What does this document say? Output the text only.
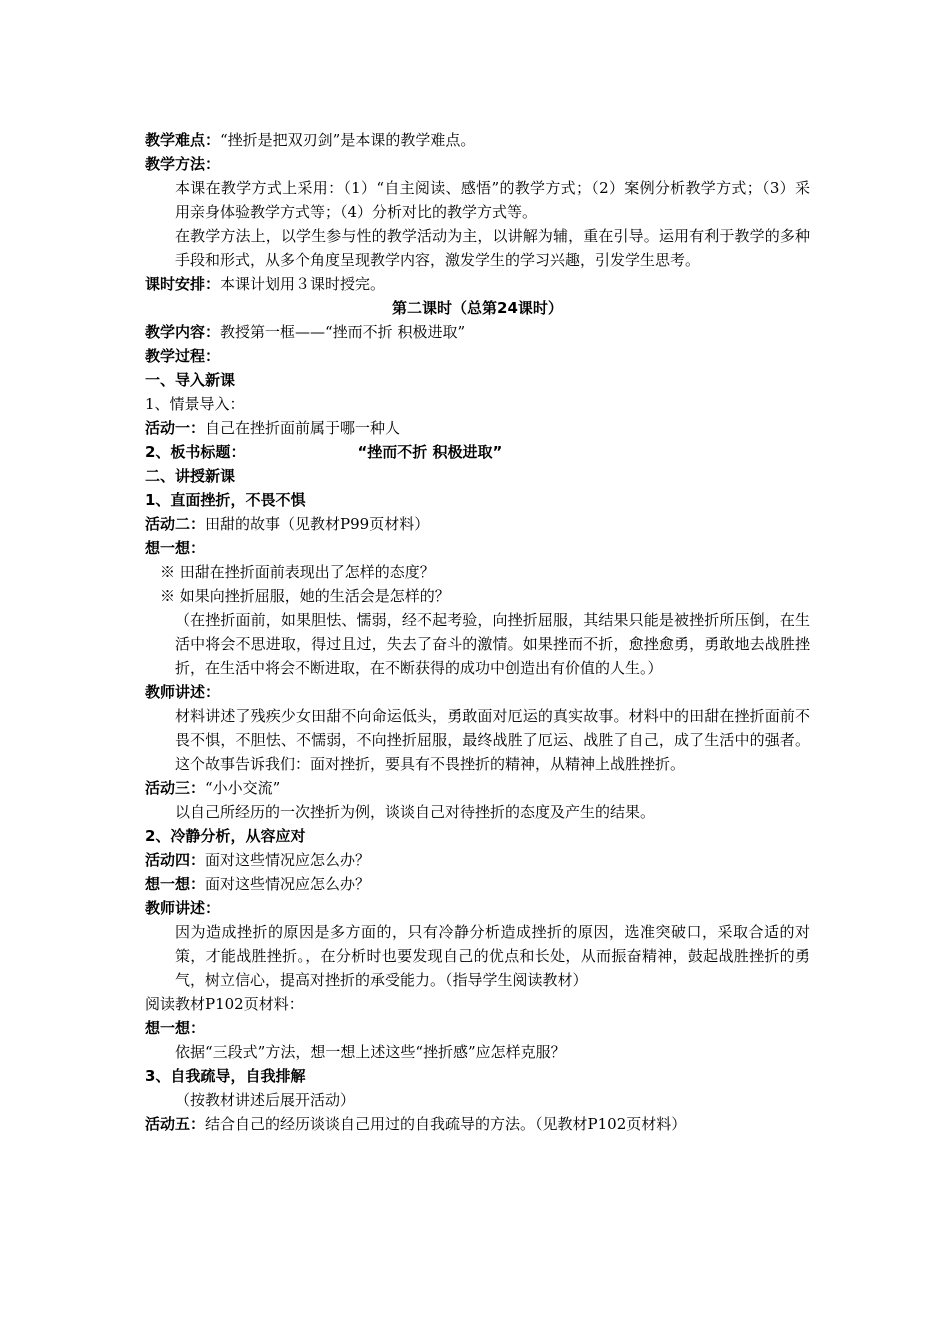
教学难点：“挫折是把双刃剑”是本课的教学难点。
教学方法：
本课在教学方式上采用：（1）“自主阅读、感悟”的教学方式；（2）案例分析教学方式；（3）采用亲身体验教学方式等；（4）分析对比的教学方式等。
在教学方法上，以学生参与性的教学活动为主，以讲解为辅，重在引导。运用有利于教学的多种手段和形式，从多个角度呈现教学内容，激发学生的学习兴趣，引发学生思考。
课时安排：本课计划用３课时授完。
第二课时（总第24课时）
教学内容：教授第一框——“挫而不折 积极进取”
教学过程：
一、导入新课
1、情景导入：
活动一：自己在挫折面前属于哪一种人
2、板书标题：	“挫而不折 积极进取”
二、讲授新课
1、直面挫折，不畏不惧
活动二：田甜的故事（见教材P99页材料）
想一想：
※ 田甜在挫折面前表现出了怎样的态度？
※ 如果向挫折屈服，她的生活会是怎样的？
（在挫折面前，如果胆怯、懦弱，经不起考验，向挫折屈服，其结果只能是被挫折所压倒，在生活中将会不思进取，得过且过，失去了奋斗的激情。如果挫而不折，愈挫愈勇，勇敢地去战胜挫折，在生活中将会不断进取，在不断获得的成功中创造出有价值的人生。）
教师讲述：
材料讲述了残疾少女田甜不向命运低头，勇敢面对厄运的真实故事。材料中的田甜在挫折面前不畏不惧，不胆怯、不懦弱，不向挫折屈服，最终战胜了厄运、战胜了自己，成了生活中的强者。这个故事告诉我们：面对挫折，要具有不畏挫折的精神，从精神上战胜挫折。
活动三：“小小交流”
以自己所经历的一次挫折为例，谈谈自己对待挫折的态度及产生的结果。
2、冷静分析，从容应对
活动四：面对这些情况应怎么办？
想一想：面对这些情况应怎么办？
教师讲述：
因为造成挫折的原因是多方面的，只有冷静分析造成挫折的原因，选准突破口，采取合适的对策，才能战胜挫折。，在分析时也要发现自己的优点和长处，从而振奋精神，鼓起战胜挫折的勇气，树立信心，提高对挫折的承受能力。（指导学生阅读教材）
阅读教材P102页材料：
想一想：
依据“三段式”方法，想一想上述这些“挫折感”应怎样克服？
3、自我疏导，自我排解
（按教材讲述后展开活动）
活动五：结合自己的经历谈谈自己用过的自我疏导的方法。（见教材P102页材料）
